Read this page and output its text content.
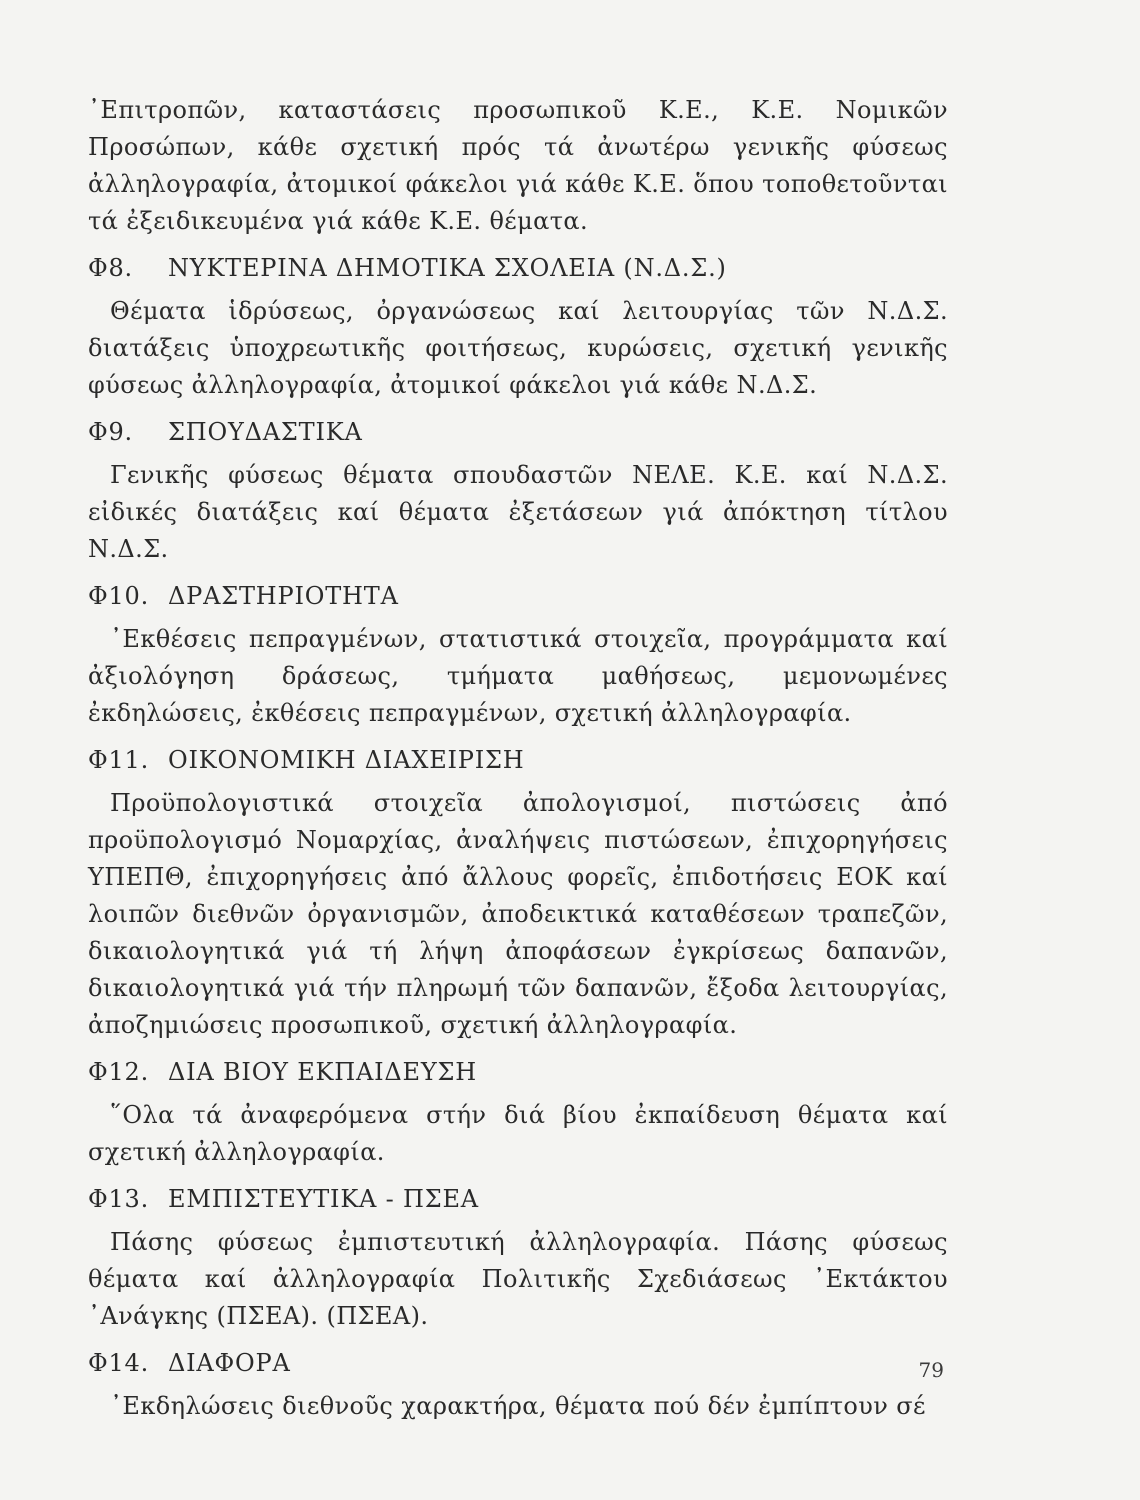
᾿Επιτροπῶν, καταστάσεις προσωπικοῦ Κ.Ε., Κ.Ε. Νομικῶν Προσώπων, κάθε σχετική πρός τά ἀνωτέρω γενικῆς φύσεως ἀλληλογραφία, ἀτομικοί φάκελοι γιά κάθε Κ.Ε. ὅπου τοποθετοῦνται τά ἐξειδικευμένα γιά κάθε Κ.Ε. θέματα.

Φ8.	ΝΥΚΤΕΡΙΝΑ ΔΗΜΟΤΙΚΑ ΣΧΟΛΕΙΑ (Ν.Δ.Σ.)

Θέματα ἱδρύσεως, ὀργανώσεως καί λειτουργίας τῶν Ν.Δ.Σ. διατάξεις ὑποχρεωτικῆς φοιτήσεως, κυρώσεις, σχετική γενικῆς φύσεως ἀλληλογραφία, ἀτομικοί φάκελοι γιά κάθε Ν.Δ.Σ.

Φ9.	ΣΠΟΥΔΑΣΤΙΚΑ

Γενικῆς φύσεως θέματα σπουδαστῶν ΝΕΛΕ. Κ.Ε. καί Ν.Δ.Σ. εἰδικές διατάξεις καί θέματα ἐξετάσεων γιά ἀπόκτηση τίτλου Ν.Δ.Σ.

Φ10. ΔΡΑΣΤΗΡΙΟΤΗΤΑ

᾿Εκθέσεις πεπραγμένων, στατιστικά στοιχεῖα, προγράμματα καί ἀξιολόγηση δράσεως, τμήματα μαθήσεως, μεμονωμένες ἐκδηλώσεις, ἐκθέσεις πεπραγμένων, σχετική ἀλληλογραφία.

Φ11. ΟΙΚΟΝΟΜΙΚΗ ΔΙΑΧΕΙΡΙΣΗ

Προϋπολογιστικά στοιχεῖα ἀπολογισμοί, πιστώσεις ἀπό προϋπολογισμό Νομαρχίας, ἀναλήψεις πιστώσεων, ἐπιχορηγήσεις ΥΠΕΠΘ, ἐπιχορηγήσεις ἀπό ἄλλους φορεῖς, ἐπιδοτήσεις ΕΟΚ καί λοιπῶν διεθνῶν ὀργανισμῶν, ἀποδεικτικά καταθέσεων τραπεζῶν, δικαιολογητικά γιά τή λήψη ἀποφάσεων ἐγκρίσεως δαπανῶν, δικαιολογητικά γιά τήν πληρωμή τῶν δαπανῶν, ἔξοδα λειτουργίας, ἀποζημιώσεις προσωπικοῦ, σχετική ἀλληλογραφία.

Φ12. ΔΙΑ ΒΙΟΥ ΕΚΠΑΙΔΕΥΣΗ

῞Ολα τά ἀναφερόμενα στήν διά βίου ἐκπαίδευση θέματα καί σχετική ἀλληλογραφία.

Φ13. ΕΜΠΙΣΤΕΥΤΙΚΑ - ΠΣΕΑ

Πάσης φύσεως ἐμπιστευτική ἀλληλογραφία. Πάσης φύσεως θέματα καί ἀλληλογραφία Πολιτικῆς Σχεδιάσεως ᾿Εκτάκτου ᾿Ανάγκης (ΠΣΕΑ). (ΠΣΕΑ).

Φ14. ΔΙΑΦΟΡΑ

᾿Εκδηλώσεις διεθνοῦς χαρακτήρα, θέματα πού δέν ἐμπίπτουν σέ

79
